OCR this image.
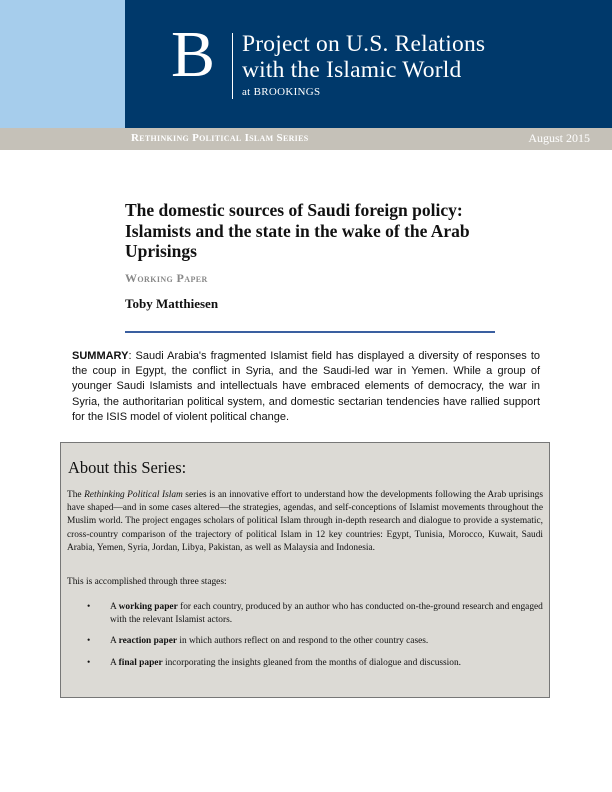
B Project on U.S. Relations
with the Islamic World
at BROOKINGS
Rethinking Political Islam Series	August 2015
The domestic sources of Saudi foreign policy: Islamists and the state in the wake of the Arab Uprisings
Working Paper
Toby Matthiesen
SUMMARY: Saudi Arabia's fragmented Islamist field has displayed a diversity of responses to the coup in Egypt, the conflict in Syria, and the Saudi-led war in Yemen. While a group of younger Saudi Islamists and intellectuals have embraced elements of democracy, the war in Syria, the authoritarian political system, and domestic sectarian tendencies have rallied support for the ISIS model of violent political change.
About this Series:
The Rethinking Political Islam series is an innovative effort to understand how the developments following the Arab uprisings have shaped—and in some cases altered—the strategies, agendas, and self-conceptions of Islamist movements throughout the Muslim world. The project engages scholars of political Islam through in-depth research and dialogue to provide a systematic, cross-country comparison of the trajectory of political Islam in 12 key countries: Egypt, Tunisia, Morocco, Kuwait, Saudi Arabia, Yemen, Syria, Jordan, Libya, Pakistan, as well as Malaysia and Indonesia.
This is accomplished through three stages:
• A working paper for each country, produced by an author who has conducted on-the-ground research and engaged with the relevant Islamist actors.
• A reaction paper in which authors reflect on and respond to the other country cases.
• A final paper incorporating the insights gleaned from the months of dialogue and discussion.
